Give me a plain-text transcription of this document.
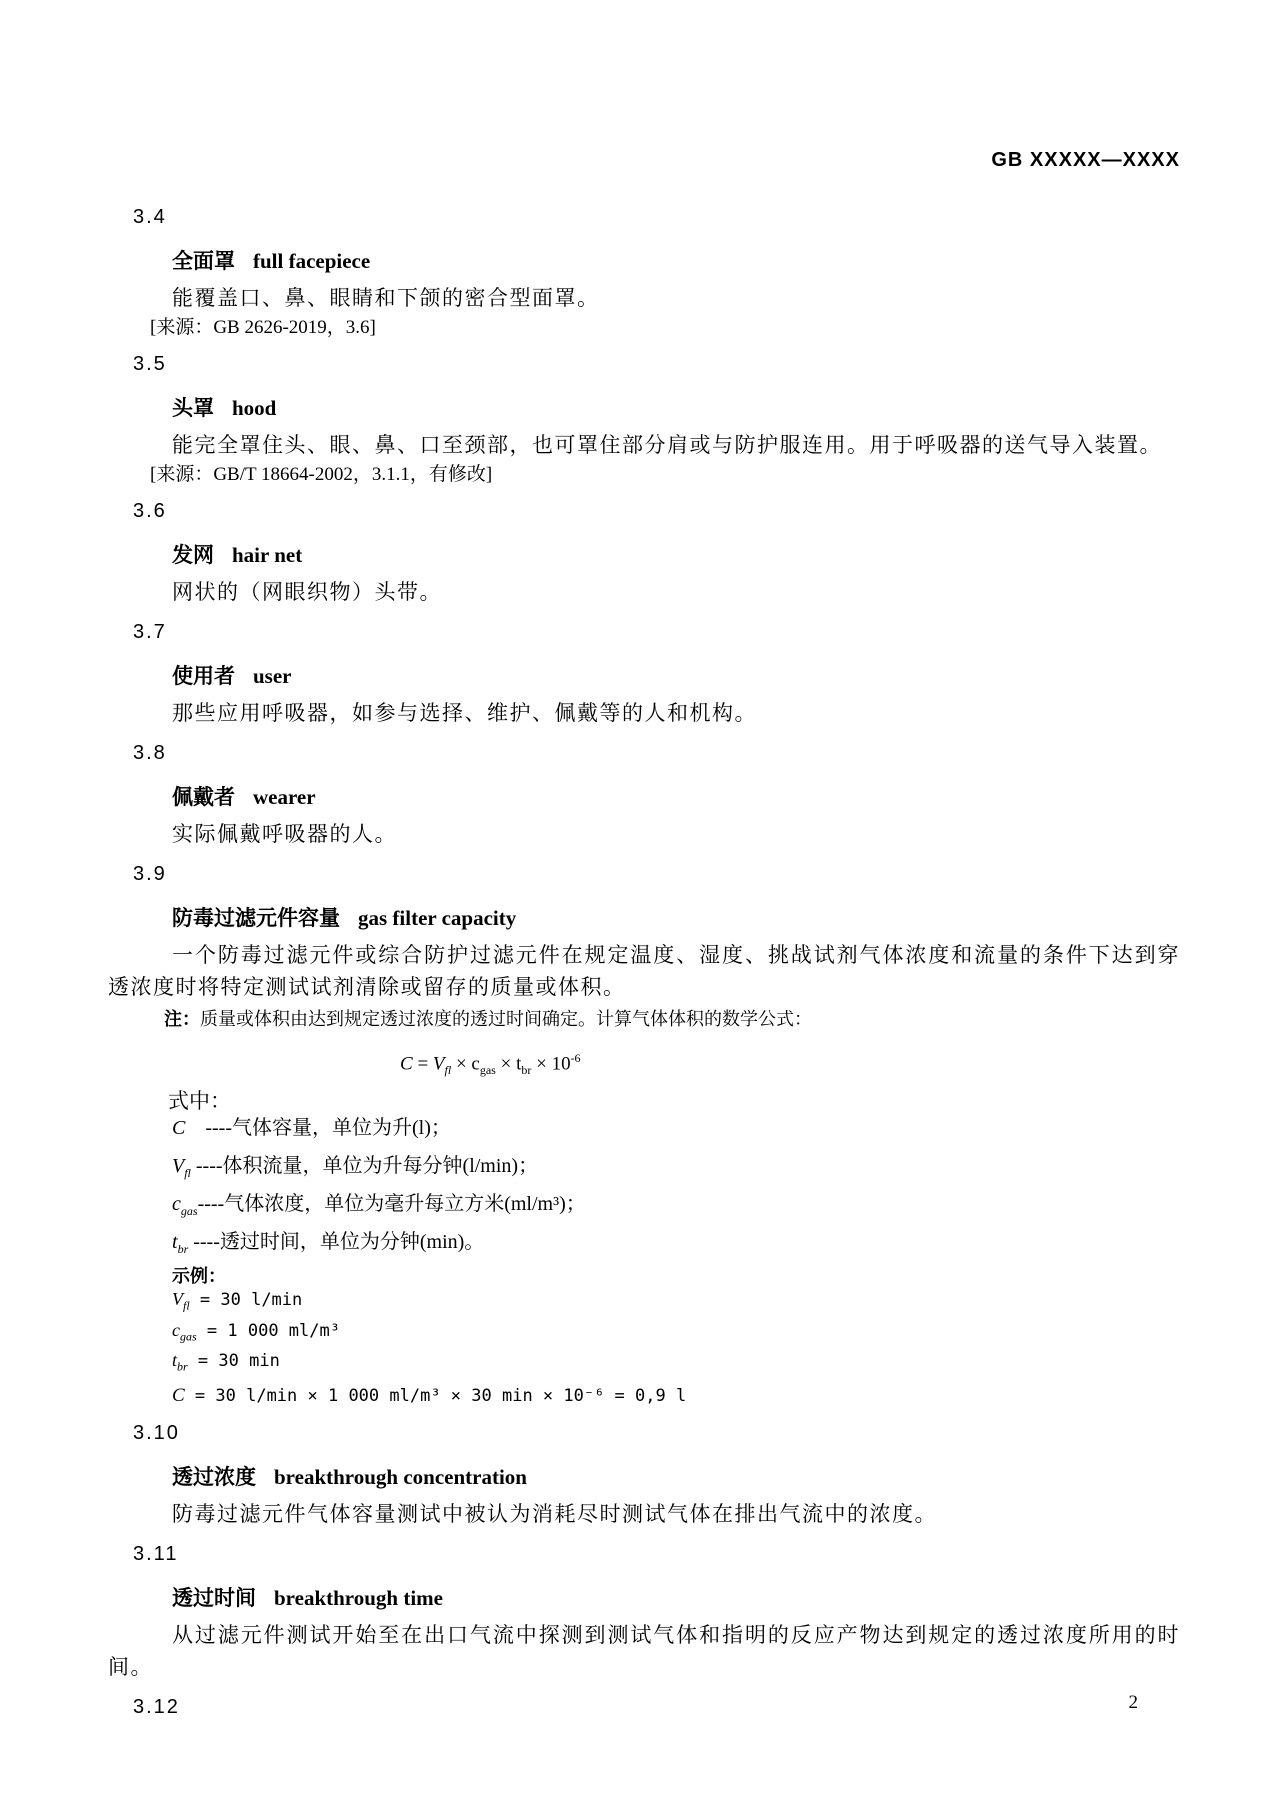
GB XXXXX—XXXX
3.4
全面罩 full facepiece

能覆盖口、鼻、眼睛和下颌的密合型面罩。

[来源：GB 2626-2019，3.6]
3.5
头罩 hood

能完全罩住头、眼、鼻、口至颈部，也可罩住部分肩或与防护服连用。用于呼吸器的送气导入装置。

[来源：GB/T 18664-2002，3.1.1，有修改]
3.6
发网 hair net

网状的（网眼织物）头带。

3.7
使用者 user

那些应用呼吸器，如参与选择、维护、佩戴等的人和机构。

3.8
佩戴者 wearer

实际佩戴呼吸器的人。

3.9
防毒过滤元件容量 gas filter capacity

一个防毒过滤元件或综合防护过滤元件在规定温度、湿度、挑战试剂气体浓度和流量的条件下达到穿透浓度时将特定测试试剂清除或留存的质量或体积。

注：质量或体积由达到规定透过浓度的透过时间确定。计算气体体积的数学公式：
$C = V_{fl} \times c_{gas} \times t_{br} \times 10^{-6}$
式中：
C　----气体容量，单位为升(l)；
$V_{fl}$ ----体积流量，单位为升每分钟(l/min)；
$c_{gas}----$气体浓度，单位为毫升每立方米(ml/m³)；
$t_{br}$ ----透过时间，单位为分钟(min)。
示例：
$V_{fl} = 30$ l/min
$c_{gas} = 1$ 000 ml/m³
$t_{br} = 30$ min
C = 30 l/min × 1 000 ml/m³ × 30 min × 10⁻⁶ = 0,9 l
3.10
透过浓度 breakthrough concentration

防毒过滤元件气体容量测试中被认为消耗尽时测试气体在排出气流中的浓度。

3.11
透过时间 breakthrough time

从过滤元件测试开始至在出口气流中探测到测试气体和指明的反应产物达到规定的透过浓度所用的时间。

3.12	2
